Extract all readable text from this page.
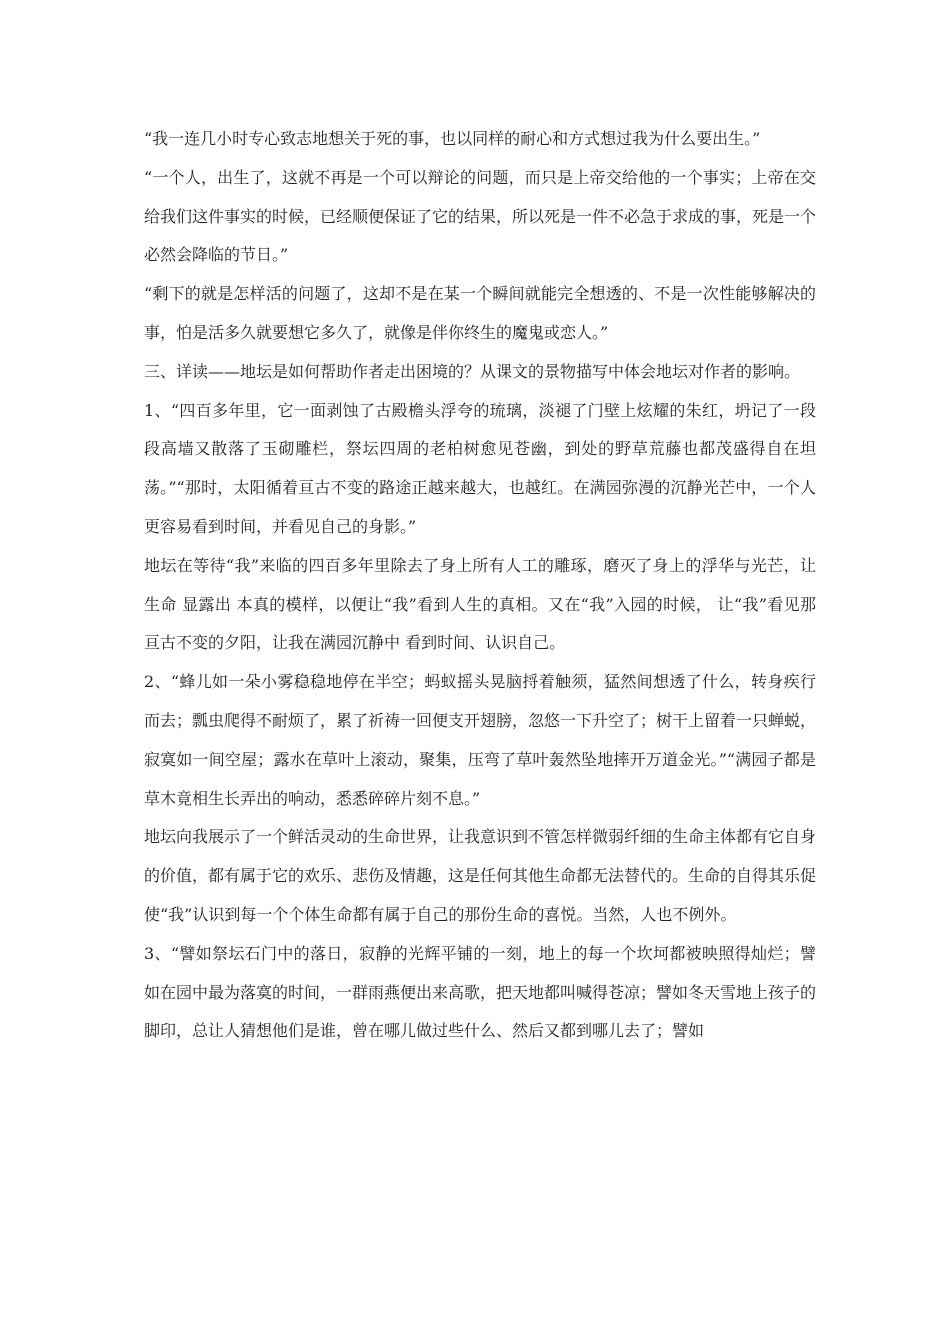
“我一连几小时专心致志地想关于死的事，也以同样的耐心和方式想过我为什么要出生。”

“一个人，出生了，这就不再是一个可以辩论的问题，而只是上帝交给他的一个事实；上帝在交给我们这件事实的时候，已经顺便保证了它的结果，所以死是一件不必急于求成的事，死是一个必然会降临的节日。”

“剩下的就是怎样活的问题了，这却不是在某一个瞬间就能完全想透的、不是一次性能够解决的事，怕是活多久就要想它多久了，就像是伴你终生的魔鬼或恋人。”

三、详读——地坛是如何帮助作者走出困境的？从课文的景物描写中体会地坛对作者的影响。

1、“四百多年里，它一面剥蚀了古殿檐头浮夸的琉璃，淡褪了门壁上炫耀的朱红，坍记了一段段高墙又散落了玉砌雕栏，祭坛四周的老柏树愈见苍幽，到处的野草荒藤也都茂盛得自在坦荡。”“那时，太阳循着亘古不变的路途正越来越大，也越红。在满园弥漫的沉静光芒中，一个人更容易看到时间，并看见自己的身影。”

地坛在等待“我”来临的四百多年里除去了身上所有人工的雕琢，磨灭了身上的浮华与光芒，让生命 显露出 本真的模样，以便让“我”看到人生的真相。又在“我”入园的时候， 让“我”看见那亘古不变的夕阳，让我在满园沉静中 看到时间、认识自己。

2、“蜂儿如一朵小雾稳稳地停在半空；蚂蚁摇头晃脑捋着触须，猛然间想透了什么，转身疾行而去；瓢虫爬得不耐烦了，累了祈祷一回便支开翅膀，忽悠一下升空了；树干上留着一只蝉蜕，寂寞如一间空屋；露水在草叶上滚动，聚集，压弯了草叶轰然坠地摔开万道金光。”“满园子都是草木竟相生长弄出的响动，悉悉碎碎片刻不息。”

地坛向我展示了一个鲜活灵动的生命世界，让我意识到不管怎样微弱纤细的生命主体都有它自身的价值，都有属于它的欢乐、悲伤及情趣，这是任何其他生命都无法替代的。生命的自得其乐促使“我”认识到每一个个体生命都有属于自己的那份生命的喜悦。当然，人也不例外。

3、“譬如祭坛石门中的落日，寂静的光辉平铺的一刻，地上的每一个坎坷都被映照得灿烂；譬如在园中最为落寞的时间，一群雨燕便出来高歌，把天地都叫喊得苍凉；譬如冬天雪地上孩子的脚印，总让人猜想他们是谁，曾在哪儿做过些什么、然后又都到哪儿去了；譬如
